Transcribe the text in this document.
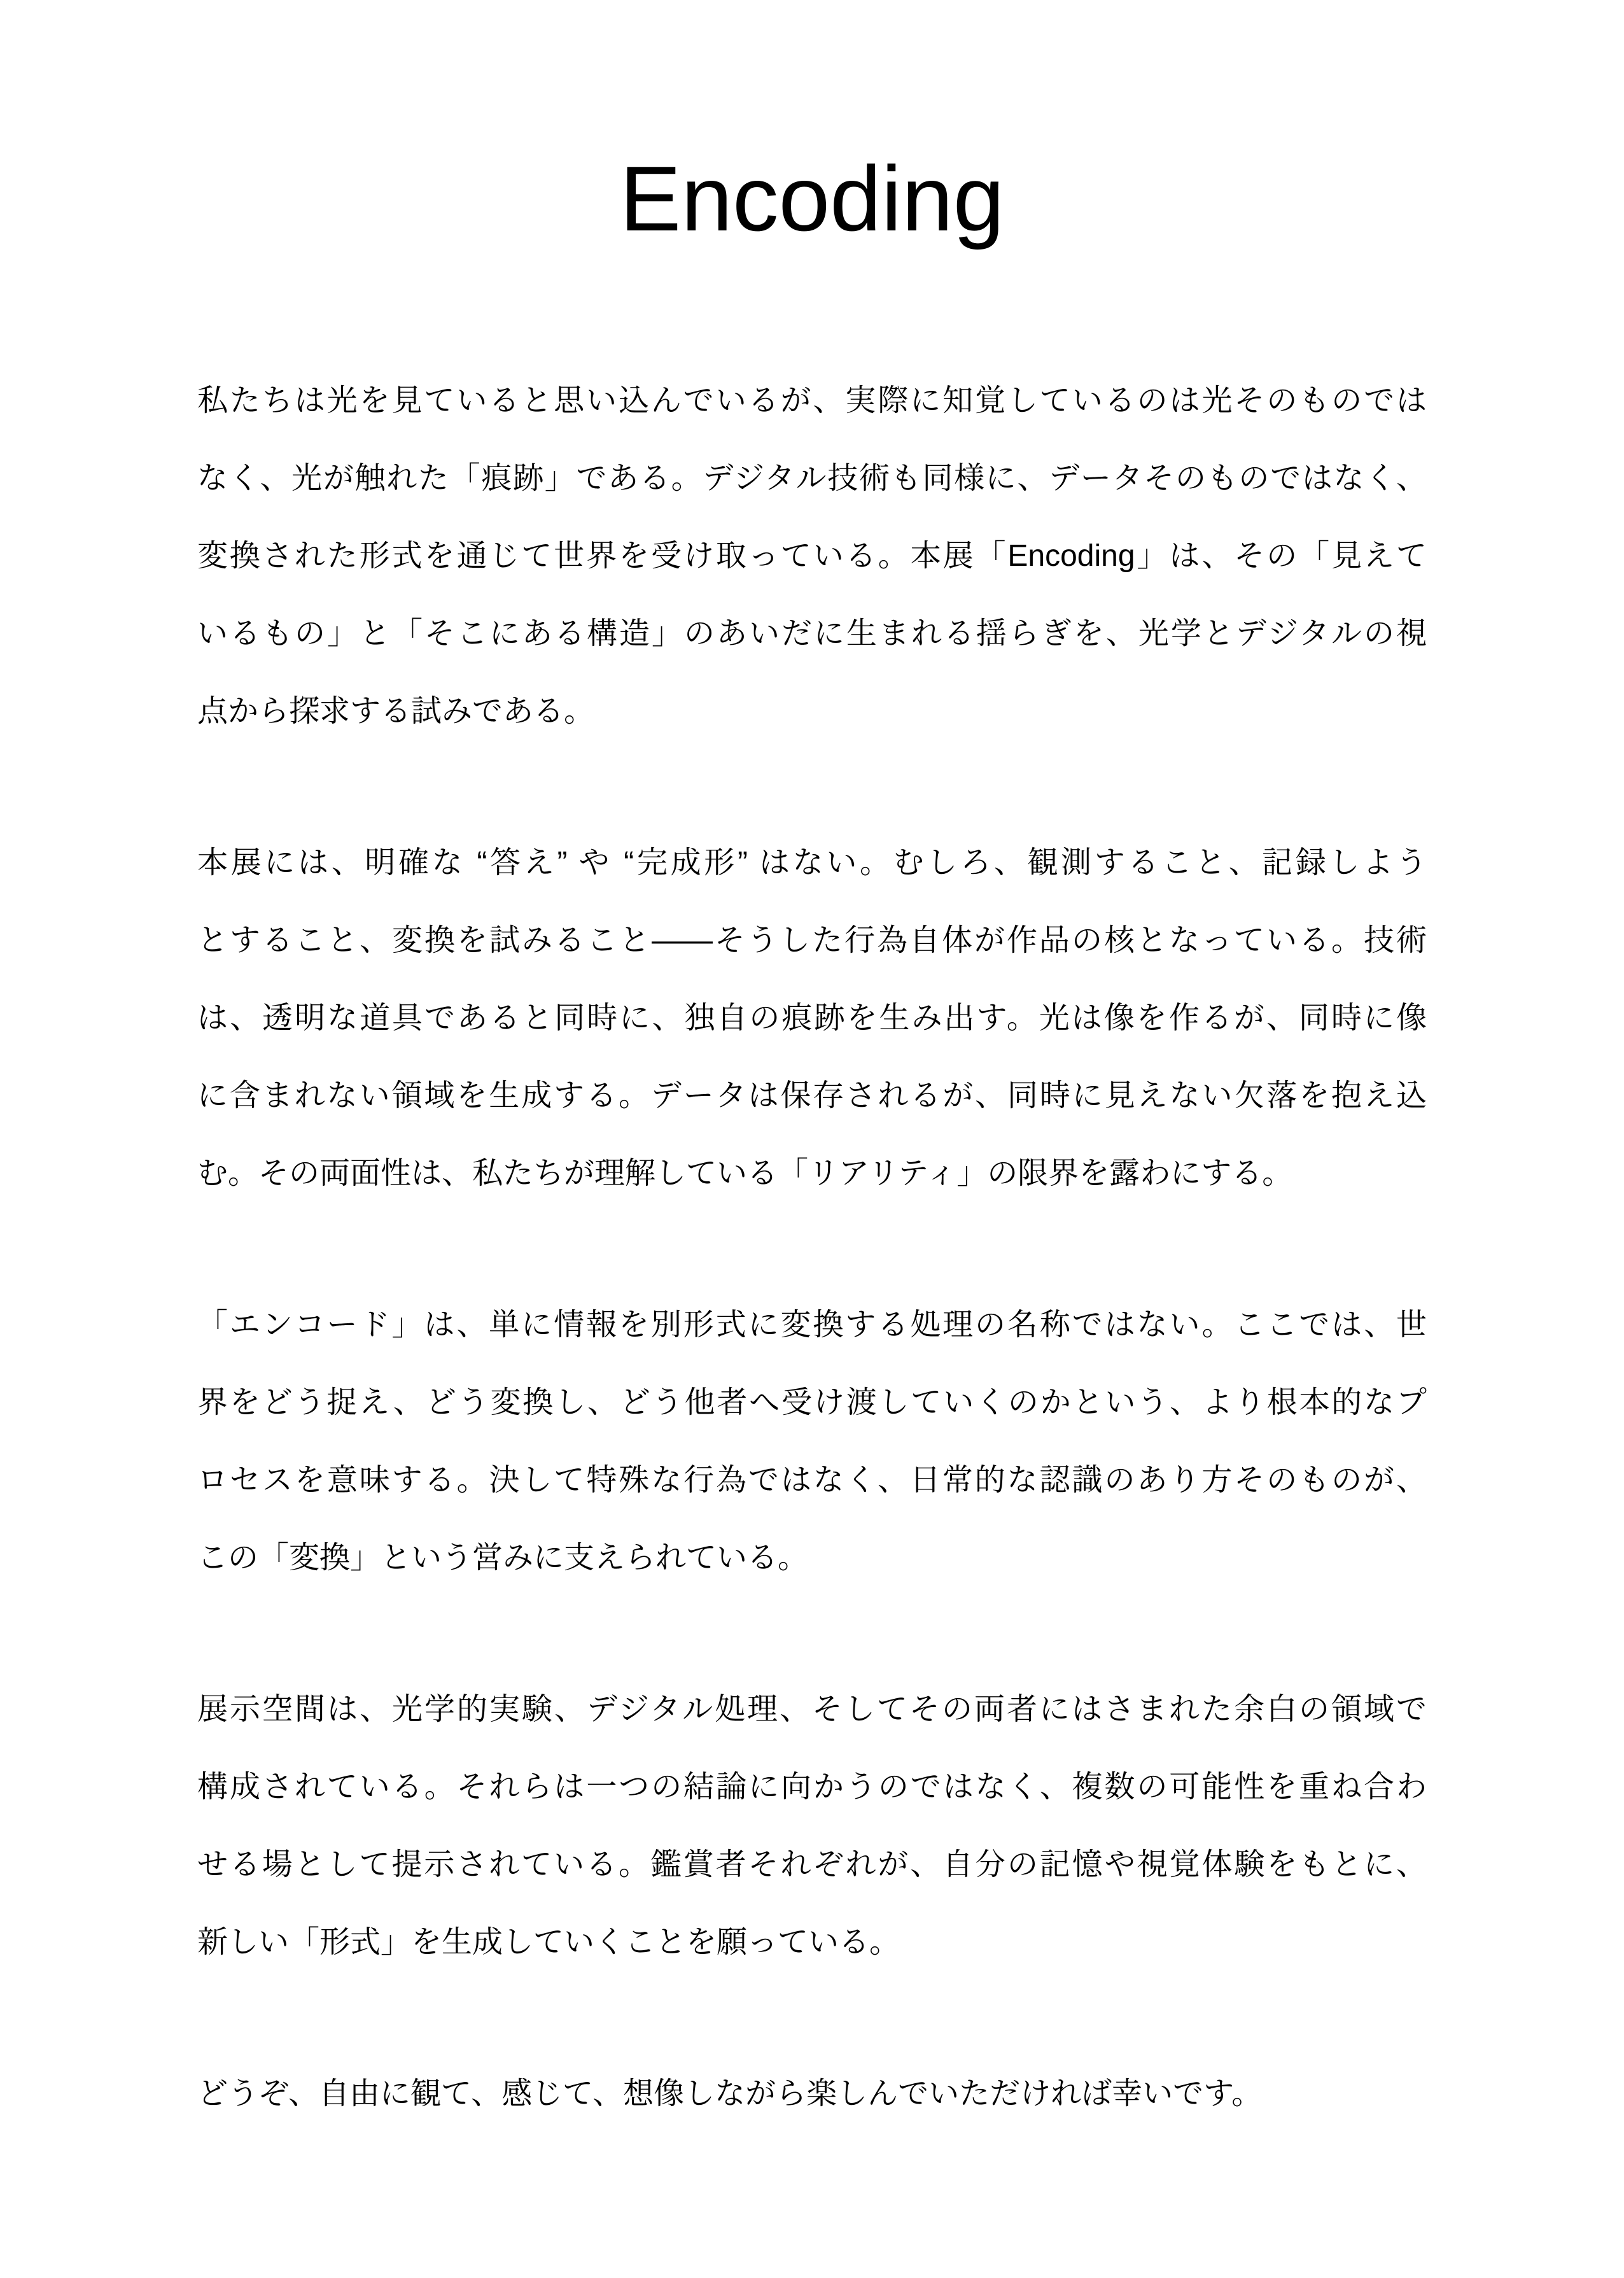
Encoding
私たちは光を見ていると思い込んでいるが、実際に知覚しているのは光そのものでは
なく、光が触れた「痕跡」である。デジタル技術も同様に、データそのものではなく、
変換された形式を通じて世界を受け取っている。本展「Encoding」は、その「見えて
いるもの」と「そこにある構造」のあいだに生まれる揺らぎを、光学とデジタルの視
点から探求する試みである。
本展には、明確な “答え” や “完成形” はない。むしろ、観測すること、記録しよう
とすること、変換を試みること——そうした行為自体が作品の核となっている。技術
は、透明な道具であると同時に、独自の痕跡を生み出す。光は像を作るが、同時に像
に含まれない領域を生成する。データは保存されるが、同時に見えない欠落を抱え込
む。その両面性は、私たちが理解している「リアリティ」の限界を露わにする。
「エンコード」は、単に情報を別形式に変換する処理の名称ではない。ここでは、世
界をどう捉え、どう変換し、どう他者へ受け渡していくのかという、より根本的なプ
ロセスを意味する。決して特殊な行為ではなく、日常的な認識のあり方そのものが、
この「変換」という営みに支えられている。
展示空間は、光学的実験、デジタル処理、そしてその両者にはさまれた余白の領域で
構成されている。それらは一つの結論に向かうのではなく、複数の可能性を重ね合わ
せる場として提示されている。鑑賞者それぞれが、自分の記憶や視覚体験をもとに、
新しい「形式」を生成していくことを願っている。
どうぞ、自由に観て、感じて、想像しながら楽しんでいただければ幸いです。
